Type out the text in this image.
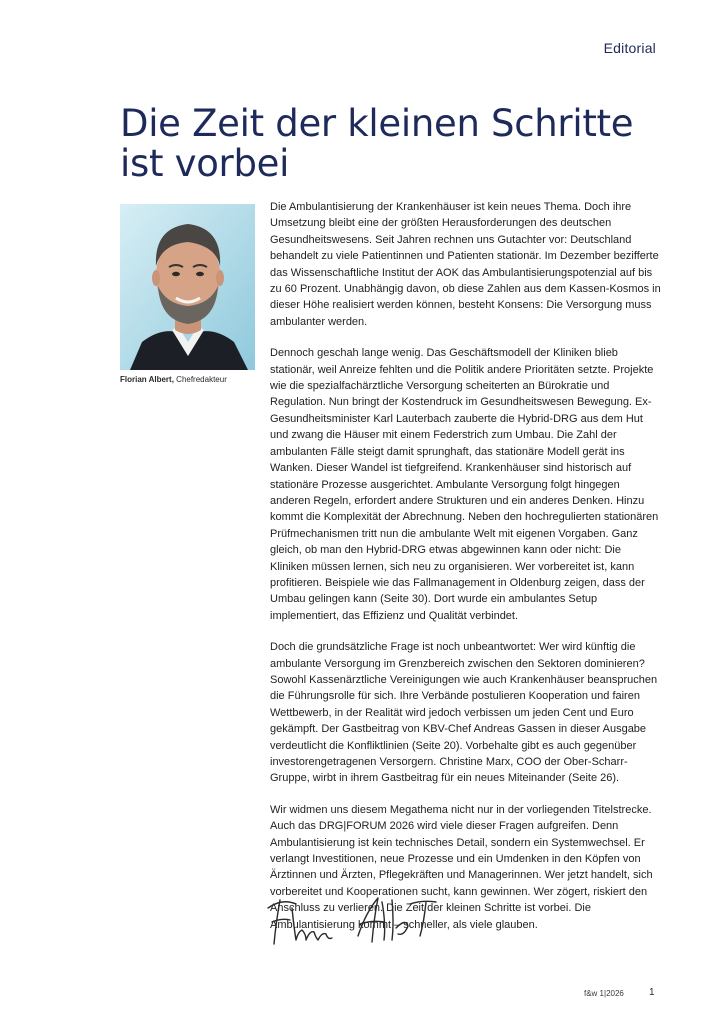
Editorial
Die Zeit der kleinen Schritte ist vorbei
Florian Albert, Chefredakteur

Die Ambulantisierung der Krankenhäuser ist kein neues Thema. Doch ihre Umsetzung bleibt eine der größten Herausforderungen des deutschen Gesundheitswesens. Seit Jahren rechnen uns Gutachter vor: Deutschland behandelt zu viele Patientinnen und Patienten stationär. Im Dezember bezifferte das Wissenschaftliche Institut der AOK das Ambulantisierungspotenzial auf bis zu 60 Prozent. Unabhängig davon, ob diese Zahlen aus dem Kassen-Kosmos in dieser Höhe realisiert werden können, besteht Konsens: Die Versorgung muss ambulanter werden.

Dennoch geschah lange wenig. Das Geschäftsmodell der Kliniken blieb stationär, weil Anreize fehlten und die Politik andere Prioritäten setzte. Projekte wie die spezialfachärztliche Versorgung scheiterten an Bürokratie und Regulation. Nun bringt der Kostendruck im Gesundheitswesen Bewegung. Ex-Gesundheitsminister Karl Lauterbach zauberte die Hybrid-DRG aus dem Hut und zwang die Häuser mit einem Federstrich zum Umbau. Die Zahl der ambulanten Fälle steigt damit sprunghaft, das stationäre Modell gerät ins Wanken. Dieser Wandel ist tiefgreifend. Krankenhäuser sind historisch auf stationäre Prozesse ausgerichtet. Ambulante Versorgung folgt hingegen anderen Regeln, erfordert andere Strukturen und ein anderes Denken. Hinzu kommt die Komplexität der Abrechnung. Neben den hochregulierten stationären Prüfmechanismen tritt nun die ambulante Welt mit eigenen Vorgaben. Ganz gleich, ob man den Hybrid-DRG etwas abgewinnen kann oder nicht: Die Kliniken müssen lernen, sich neu zu organisieren. Wer vorbereitet ist, kann profitieren. Beispiele wie das Fallmanagement in Oldenburg zeigen, dass der Umbau gelingen kann (Seite 30). Dort wurde ein ambulantes Setup implementiert, das Effizienz und Qualität verbindet.

Doch die grundsätzliche Frage ist noch unbeantwortet: Wer wird künftig die ambulante Versorgung im Grenzbereich zwischen den Sektoren dominieren? Sowohl Kassenärztliche Vereinigungen wie auch Krankenhäuser beanspruchen die Führungsrolle für sich. Ihre Verbände postulieren Kooperation und fairen Wettbewerb, in der Realität wird jedoch verbissen um jeden Cent und Euro gekämpft. Der Gastbeitrag von KBV-Chef Andreas Gassen in dieser Ausgabe verdeutlicht die Konfliktlinien (Seite 20). Vorbehalte gibt es auch gegenüber investorengetragenen Versorgern. Christine Marx, COO der Ober-Scharr-Gruppe, wirbt in ihrem Gastbeitrag für ein neues Miteinander (Seite 26).

Wir widmen uns diesem Megathema nicht nur in der vorliegenden Titelstrecke. Auch das DRG|FORUM 2026 wird viele dieser Fragen aufgreifen. Denn Ambulantisierung ist kein technisches Detail, sondern ein Systemwechsel. Er verlangt Investitionen, neue Prozesse und ein Umdenken in den Köpfen von Ärztinnen und Ärzten, Pflegekräften und Managerinnen. Wer jetzt handelt, sich vorbereitet und Kooperationen sucht, kann gewinnen. Wer zögert, riskiert den Anschluss zu verlieren. Die Zeit der kleinen Schritte ist vorbei. Die Ambulantisierung kommt – schneller, als viele glauben.

f&w 1|2026	1
